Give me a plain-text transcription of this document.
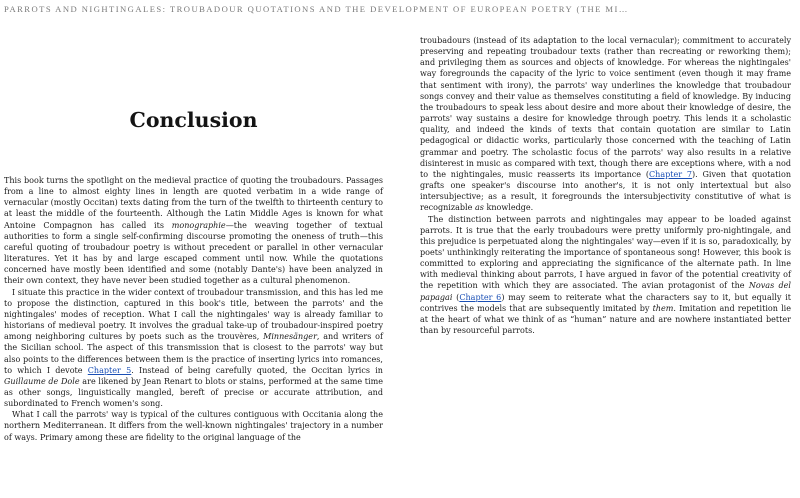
PARROTS AND NIGHTINGALES: TROUBADOUR QUOTATIONS AND THE DEVELOPMENT OF EUROPEAN POETRY (THE MI…
Conclusion

This book turns the spotlight on the medieval practice of quoting the troubadours. Passages from a line to almost eighty lines in length are quoted verbatim in a wide range of vernacular (mostly Occitan) texts dating from the turn of the twelfth to thirteenth century to at least the middle of the fourteenth. Although the Latin Middle Ages is known for what Antoine Compagnon has called its monographie—the weaving together of textual authorities to form a single self-confirming discourse promoting the oneness of truth—this careful quoting of troubadour poetry is without precedent or parallel in other vernacular literatures. Yet it has by and large escaped comment until now. While the quotations concerned have mostly been identified and some (notably Dante's) have been analyzed in their own context, they have never been studied together as a cultural phenomenon.

I situate this practice in the wider context of troubadour transmission, and this has led me to propose the distinction, captured in this book's title, between the parrots' and the nightingales' modes of reception. What I call the nightingales' way is already familiar to historians of medieval poetry. It involves the gradual take-up of troubadour-inspired poetry among neighboring cultures by poets such as the trouvères, Minnesänger, and writers of the Sicilian school. The aspect of this transmission that is closest to the parrots' way but also points to the differences between them is the practice of inserting lyrics into romances, to which I devote Chapter 5. Instead of being carefully quoted, the Occitan lyrics in Guillaume de Dole are likened by Jean Renart to blots or stains, performed at the same time as other songs, linguistically mangled, bereft of precise or accurate attribution, and subordinated to French women's song.

What I call the parrots' way is typical of the cultures contiguous with Occitania along the northern Mediterranean. It differs from the well-known nightingales' trajectory in a number of ways. Primary among these are fidelity to the original language of the

troubadours (instead of its adaptation to the local vernacular); commitment to accurately preserving and repeating troubadour texts (rather than recreating or reworking them); and privileging them as sources and objects of knowledge. For whereas the nightingales' way foregrounds the capacity of the lyric to voice sentiment (even though it may frame that sentiment with irony), the parrots' way underlines the knowledge that troubadour songs convey and their value as themselves constituting a field of knowledge. By inducing the troubadours to speak less about desire and more about their knowledge of desire, the parrots' way sustains a desire for knowledge through poetry. This lends it a scholastic quality, and indeed the kinds of texts that contain quotation are similar to Latin pedagogical or didactic works, particularly those concerned with the teaching of Latin grammar and poetry. The scholastic focus of the parrots' way also results in a relative disinterest in music as compared with text, though there are exceptions where, with a nod to the nightingales, music reasserts its importance (Chapter 7). Given that quotation grafts one speaker's discourse into another's, it is not only intertextual but also intersubjective; as a result, it foregrounds the intersubjectivity constitutive of what is recognizable as knowledge.

The distinction between parrots and nightingales may appear to be loaded against parrots. It is true that the early troubadours were pretty uniformly pro-nightingale, and this prejudice is perpetuated along the nightingales' way—even if it is so, paradoxically, by poets' unthinkingly reiterating the importance of spontaneous song! However, this book is committed to exploring and appreciating the significance of the alternate path. In line with medieval thinking about parrots, I have argued in favor of the potential creativity of the repetition with which they are associated. The avian protagonist of the Novas del papagai (Chapter 6) may seem to reiterate what the characters say to it, but equally it contrives the models that are subsequently imitated by them. Imitation and repetition lie at the heart of what we think of as “human” nature and are nowhere instantiated better than by resourceful parrots.
